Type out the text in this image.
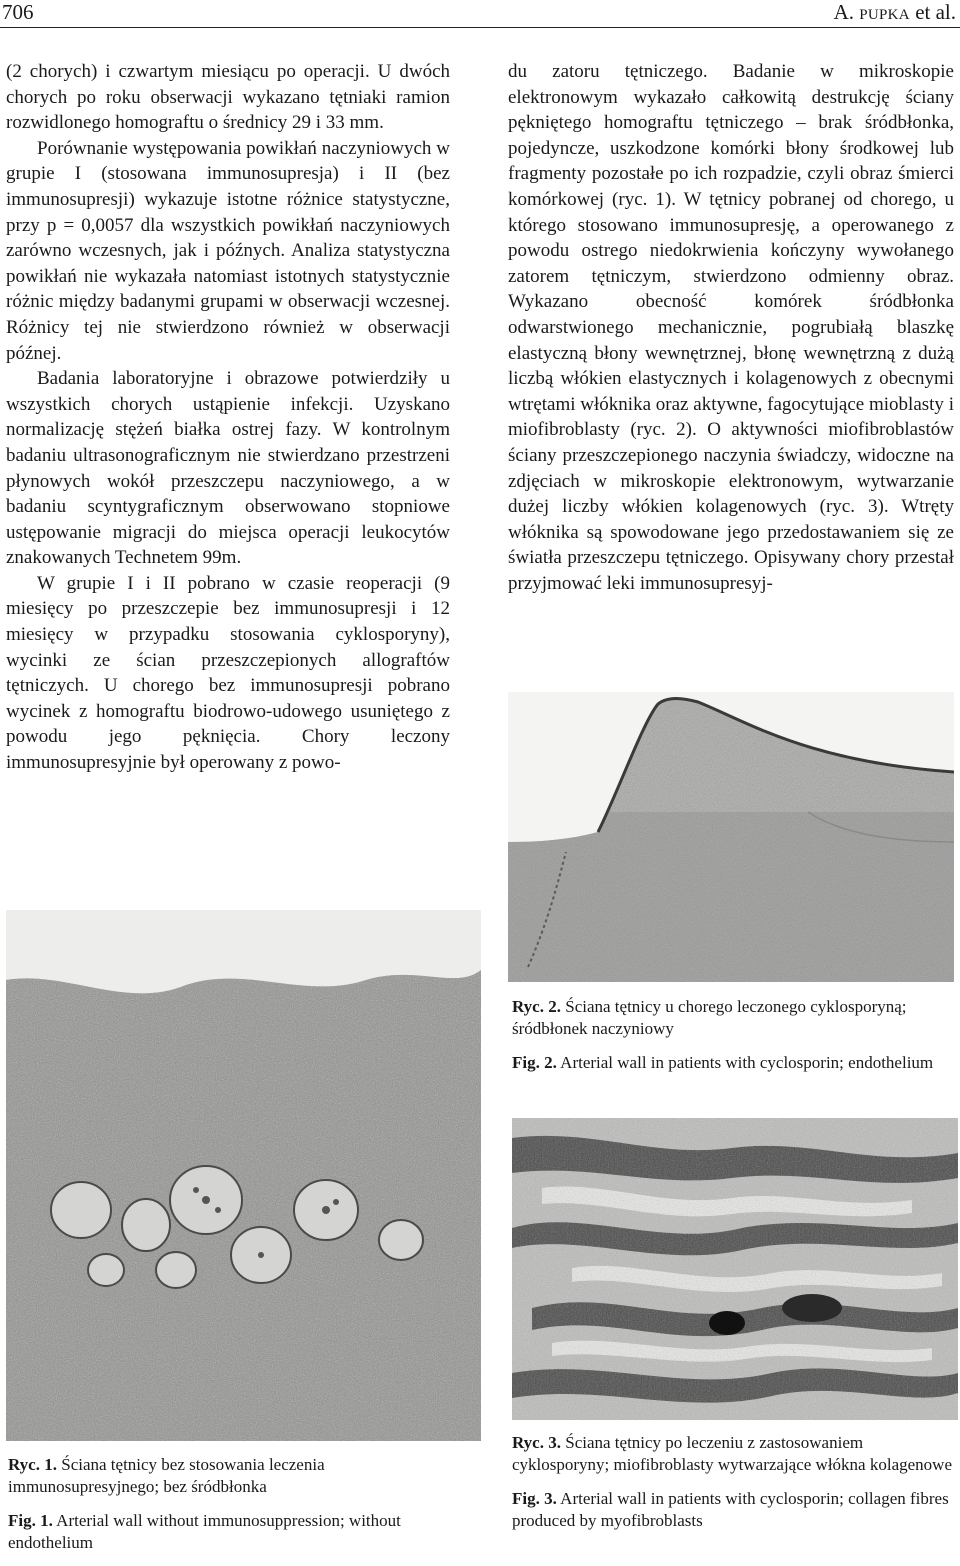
706	A. PUPKA et al.

(2 chorych) i czwartym miesiącu po operacji. U dwóch chorych po roku obserwacji wykazano tętniaki ramion rozwidlonego homograftu o średnicy 29 i 33 mm.

Porównanie występowania powikłań naczyniowych w grupie I (stosowana immunosupresja) i II (bez immunosupresji) wykazuje istotne różnice statystyczne, przy p = 0,0057 dla wszystkich powikłań naczyniowych zarówno wczesnych, jak i późnych. Analiza statystyczna powikłań nie wykazała natomiast istotnych statystycznie różnic między badanymi grupami w obserwacji wczesnej. Różnicy tej nie stwierdzono również w obserwacji późnej.

Badania laboratoryjne i obrazowe potwierdziły u wszystkich chorych ustąpienie infekcji. Uzyskano normalizację stężeń białka ostrej fazy. W kontrolnym badaniu ultrasonograficznym nie stwierdzano przestrzeni płynowych wokół przeszczepu naczyniowego, a w badaniu scyntygraficznym obserwowano stopniowe ustępowanie migracji do miejsca operacji leukocytów znakowanych Technetem 99m.

W grupie I i II pobrano w czasie reoperacji (9 miesięcy po przeszczepie bez immunosupresji i 12 miesięcy w przypadku stosowania cyklosporyny), wycinki ze ścian przeszczepionych allograftów tętniczych. U chorego bez immunosupresji pobrano wycinek z homograftu biodrowo-udowego usuniętego z powodu jego pęknięcia. Chory leczony immunosupresyjnie był operowany z powo-

du zatoru tętniczego. Badanie w mikroskopie elektronowym wykazało całkowitą destrukcję ściany pękniętego homograftu tętniczego – brak śródbłonka, pojedyncze, uszkodzone komórki błony środkowej lub fragmenty pozostałe po ich rozpadzie, czyli obraz śmierci komórkowej (ryc. 1). W tętnicy pobranej od chorego, u którego stosowano immunosupresję, a operowanego z powodu ostrego niedokrwienia kończyny wywołanego zatorem tętniczym, stwierdzono odmienny obraz. Wykazano obecność komórek śródbłonka odwarstwionego mechanicznie, pogrubiałą blaszkę elastyczną błony wewnętrznej, błonę wewnętrzną z dużą liczbą włókien elastycznych i kolagenowych z obecnymi wtrętami włóknika oraz aktywne, fagocytujące mioblasty i miofibroblasty (ryc. 2). O aktywności miofibroblastów ściany przeszczepionego naczynia świadczy, widoczne na zdjęciach w mikroskopie elektronowym, wytwarzanie dużej liczby włókien kolagenowych (ryc. 3). Wtręty włóknika są spowodowane jego przedostawaniem się ze światła przeszczepu tętniczego. Opisywany chory przestał przyjmować leki immunosupresyj-

Ryc. 2. Ściana tętnicy u chorego leczonego cyklosporyną; śródbłonek naczyniowy

Fig. 2. Arterial wall in patients with cyclosporin; endothelium

Ryc. 1. Ściana tętnicy bez stosowania leczenia immunosupresyjnego; bez śródbłonka

Fig. 1. Arterial wall without immunosuppression; without endothelium

Ryc. 3. Ściana tętnicy po leczeniu z zastosowaniem cyklosporyny; miofibroblasty wytwarzające włókna kolagenowe

Fig. 3. Arterial wall in patients with cyclosporin; collagen fibres produced by myofibroblasts
